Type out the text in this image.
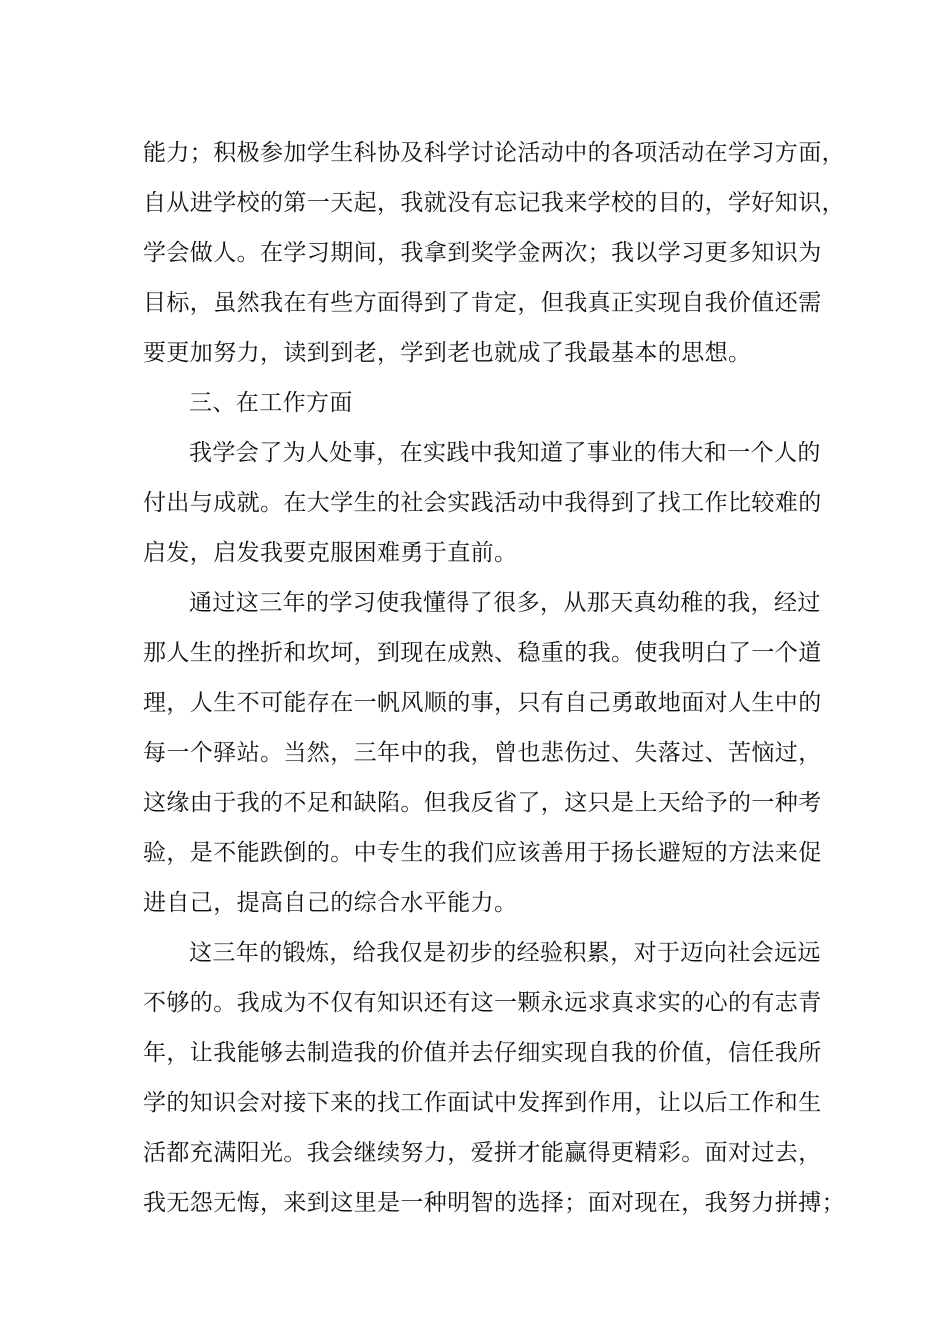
能力；积极参加学生科协及科学讨论活动中的各项活动在学习方面，
自从进学校的第一天起，我就没有忘记我来学校的目的，学好知识，
学会做人。在学习期间，我拿到奖学金两次；我以学习更多知识为
目标，虽然我在有些方面得到了肯定，但我真正实现自我价值还需
要更加努力，读到到老，学到老也就成了我最基本的思想。
三、在工作方面
我学会了为人处事，在实践中我知道了事业的伟大和一个人的
付出与成就。在大学生的社会实践活动中我得到了找工作比较难的
启发，启发我要克服困难勇于直前。
通过这三年的学习使我懂得了很多，从那天真幼稚的我，经过
那人生的挫折和坎坷，到现在成熟、稳重的我。使我明白了一个道
理，人生不可能存在一帆风顺的事，只有自己勇敢地面对人生中的
每一个驿站。当然，三年中的我，曾也悲伤过、失落过、苦恼过，
这缘由于我的不足和缺陷。但我反省了，这只是上天给予的一种考
验，是不能跌倒的。中专生的我们应该善用于扬长避短的方法来促
进自己，提高自己的综合水平能力。
这三年的锻炼，给我仅是初步的经验积累，对于迈向社会远远
不够的。我成为不仅有知识还有这一颗永远求真求实的心的有志青
年，让我能够去制造我的价值并去仔细实现自我的价值，信任我所
学的知识会对接下来的找工作面试中发挥到作用，让以后工作和生
活都充满阳光。我会继续努力，爱拼才能赢得更精彩。面对过去，
我无怨无悔，来到这里是一种明智的选择；面对现在，我努力拼搏；
